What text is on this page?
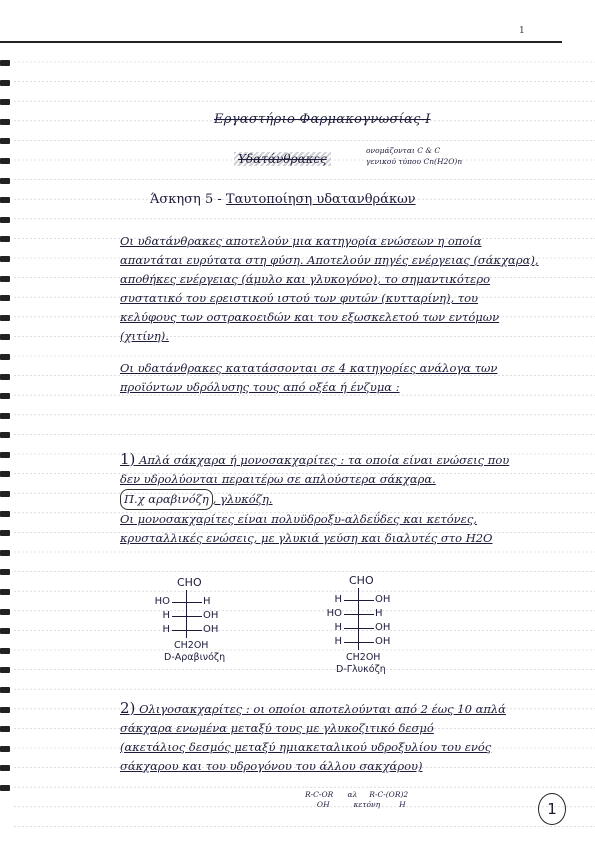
1
Εργαστήριο Φαρμακογνωσίας Ι
Υδατάνθρακες
ονομάζονται C & C
γενικού τύπου Cn(H2O)n
Άσκηση 5 - Ταυτοποίηση υδατανθράκων
Οι υδατάνθρακες αποτελούν μια κατηγορία ενώσεων η οποία
απαντάται ευρύτατα στη φύση. Αποτελούν πηγές ενέργειας (σάκχαρα),
αποθήκες ενέργειας (άμυλο και γλυκογόνο), το σημαντικότερο
συστατικό του ερειστικού ιστού των φυτών (κυτταρίνη), του
κελύφους των οστρακοειδών και του εξωσκελετού των εντόμων
(χιτίνη).
Οι υδατάνθρακες κατατάσσονται σε 4 κατηγορίες ανάλογα των
προϊόντων υδρόλυσης τους από οξέα ή ένζυμα :
1) Απλά σάκχαρα ή μονοσακχαρίτες : τα οποία είναι ενώσεις που
δεν υδρολύονται περαιτέρω σε απλούστερα σάκχαρα.
Π.χ αραβινόζη , γλυκόζη.
Οι μονοσακχαρίτες είναι πολυϋδροξυ-αλδεΰδες και κετόνες,
κρυσταλλικές ενώσεις, με γλυκιά γεύση και διαλυτές στο H2O
CHO
HO	H
H	OH
H	OH
CH2OH
D-Αραβινόζη
CHO
H	OH
HO	H
H	OH
H	OH
CH2OH
D-Γλυκόζη
2) Ολιγοσακχαρίτες : οι οποίοι αποτελούνται από 2 έως 10 απλά
σάκχαρα ενωμένα μεταξύ τους με γλυκοζιτικό δεσμό
(ακετάλιος δεσμός μεταξύ ημιακεταλικού υδροξυλίου του ενός
σάκχαρου και του υδρογόνου του άλλου σακχάρου)
R-C-OR      αλ     R-C-(OR)2
OH          κετόνη        H	1
